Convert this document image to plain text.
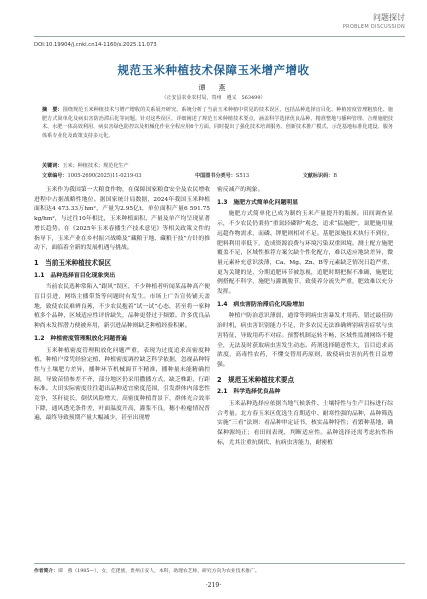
问题探讨
PROBLEM DISCUSSION
DOI:10.19904/j.cnki.cn14-1160/s.2025.11.073
规范玉米种植技术保障玉米增产增收
谭　燕
（正安县农业农村局，贵州　遵义　563499）
摘　要：围绕规范玉米种植技术与增产增收的关系展开研究。系统分析了当前玉米种植中常见的技术误区，包括品种选择盲目化、种植密度管理粗放化、施肥方式简单化及病虫害防治滞后化等问题。针对这些误区，详细阐述了规范玉米种植技术要点，涵盖科学选择优良品种、精准整地与播种管理、合理施肥技术、水肥一体高效利用、病虫害绿色防控以及机械化作业全程应用6个方面。同时提出了强化技术培训服务、创新技术推广模式、示范基地标准化建设、服务体系专业化及政策支持多元化。
关键词：玉米；种植技术；规范化生产
文章编号：1005-2690(2025)11-0219-03	中国图书分类号：S513	文献标识码：B

玉米作为我国第一大粮食作物，在保障国家粮食安全及农民增收进程中占据战略性地位。据国家统计局数据，2024年我国玉米种植面积达4 473.33万hm²，产量为2.95亿t，单位面积产量6 591.75 kg/hm²，与过往10年相比，玉米种植面积、产量及单产均呈现显著增长趋势。在《2025年玉米春播生产技术意见》等相关政策文件的指导下，玉米产业在乡村振兴战略及“藏粮于地、藏粮于技”方针的推动下，面临着全新的发展机遇与挑战。

1　当前玉米种植技术误区
1.1　品种选择盲目化现象突出

当前农民选种常陷入“跟风”误区，不少种植者听闻某品种高产便盲目引进，网络主播带货等问题时有发生。市场上广告宣传铺天盖地，致使农民难辨良莠，不少农民抱着“试一试”心态，甚至将一家种植多个品种，区域适应性评价缺失，品种更替过于频繁。许多优良品种尚未发挥潜力便被弃用，新引进品种则缺乏种植经验积累。

1.2　种植密度管理粗放化问题普遍

玉米种植密度管理粗放化问题严重，表现为过度追求高密度种植，种植户常凭经验定植，种植密度调控缺乏科学依据，忽视品种特性与土壤肥力差异，播种环节机械调节不精准，播种量未能精确控制，导致苗情参差不齐，部分地区仍采用撒播方式，缺乏株距、行距标准。大田实际密度往往超出品种适宜密度范围，引发群体内部恶性竞争，茎秆徒长，倒伏风险增大，高密度种植背景下，群体光合效率下降，通风透光条件差，叶面温度升高，灌浆不良，穗小粒瘪情况普遍，最终导致预期产量大幅减少，甚至出现增

密反减产的现象。

1.3　施肥方式简单化问题明显

施肥方式简单化已成为制约玉米产量提升的瓶颈。田间调查显示，不少农民仍秉持“重氮轻磷钾”观念，追求“猛施肥”，氮肥施用量远超作物需求，而磷、钾肥则相对不足。基肥深施技术执行不到位，肥料利用率低下，造成资源浪费与环境污染双重困境。测土配方施肥覆盖不足，区域性推荐方案欠缺个性化配方，难以适应地块差异，微量元素补充意识淡薄，Ca、Mg、Zn、B等元素缺乏情况日趋严重，更为关键的是，分期追肥环节被忽视，追肥时期把握不准确，施肥比例搭配不科学，施肥与灌溉脱节，致使养分流失严重，肥效难以充分发挥。

1.4　病虫害防治滞后化风险增加

种植户防治意识薄弱，通常等到病虫害暴发才用药，错过最佳防治时机，病虫害识别能力不足，许多农民无法准确辨别病害症状与虫害特征，导致用药不对症。预警机制运转不畅，区域性监测网络不健全，无法及时获取病虫害发生动态。药剂选择随意性大，盲目追求高浓度，高毒性农药，不懂交替用药原则，致使病虫害抗药性日益增强。

2　规范玉米种植技术要点
2.1　科学选择优良品种

玉米品种选择应依据当地气候条件、土壤特性与生产目标进行综合考量。北方春玉米区优选生育期适中、耐寒性强的品种，品种筛选实施“三看”法则：看品种审定证书，核实品种特性；看繁种基地，确保种源纯正；看田间表现，判断适应性。品种选择还需考虑抗性指标，尤其注重抗倒伏、抗病虫害能力，耐密植

作者简介：谭　燕（1985—），女，仡佬族，贵州正安人，本科，助理农艺师，研究方向为农业技术推广。
·219·
